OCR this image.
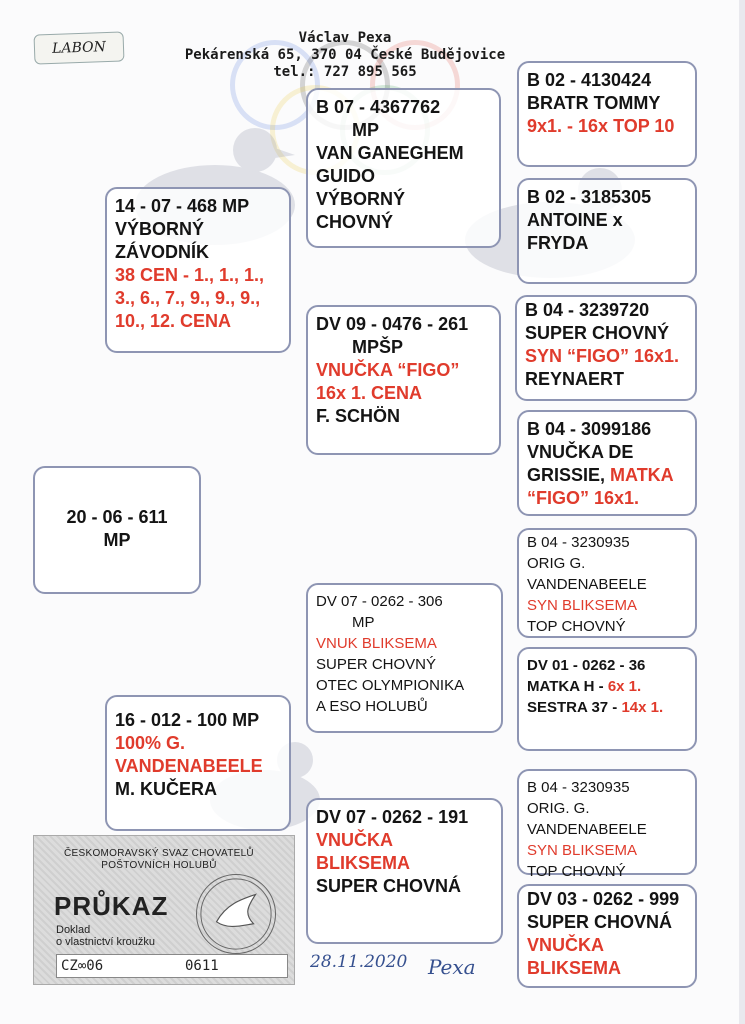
LABON
Václav Pexa
Pekárenská 65, 370 04 České Budějovice
tel.: 727 895 565
20 - 06 - 611
MP
14 - 07 - 468 MP
VÝBORNÝ
ZÁVODNÍK
38 CEN - 1., 1., 1.,
3., 6., 7., 9., 9., 9.,
10., 12. CENA
16 - 012 - 100 MP
100% G.
VANDENABEELE
M. KUČERA
B 07 - 4367762
MP
VAN GANEGHEM
GUIDO
VÝBORNÝ
CHOVNÝ
DV 09 - 0476 - 261
MPŠP
VNUČKA “FIGO”
16x 1. CENA
F. SCHÖN
DV 07 - 0262 - 306
MP
VNUK BLIKSEMA
SUPER CHOVNÝ
OTEC OLYMPIONIKA
A ESO HOLUBŮ
DV 07 - 0262 - 191
VNUČKA
BLIKSEMA
SUPER CHOVNÁ
B 02 - 4130424
BRATR TOMMY
9x1. - 16x TOP 10
B 02 - 3185305
ANTOINE x
FRYDA
B 04 - 3239720
SUPER CHOVNÝ
SYN “FIGO” 16x1.
REYNAERT
B 04 - 3099186
VNUČKA DE
GRISSIE, MATKA
“FIGO” 16x1.
B 04 - 3230935
ORIG G.
VANDENABEELE
SYN BLIKSEMA
TOP CHOVNÝ
DV 01 - 0262 - 36
MATKA H - 6x 1.
SESTRA 37 - 14x 1.
B 04 - 3230935
ORIG. G.
VANDENABEELE
SYN BLIKSEMA
TOP CHOVNÝ
DV 03 - 0262 - 999
SUPER CHOVNÁ
VNUČKA
BLIKSEMA
ČESKOMORAVSKÝ SVAZ CHOVATELŮ
POŠTOVNÍCH HOLUBŮ
PRŮKAZ
Doklad
o vlastnictví kroužku
CZ∞06	0611	28.11.2020 Pexa
